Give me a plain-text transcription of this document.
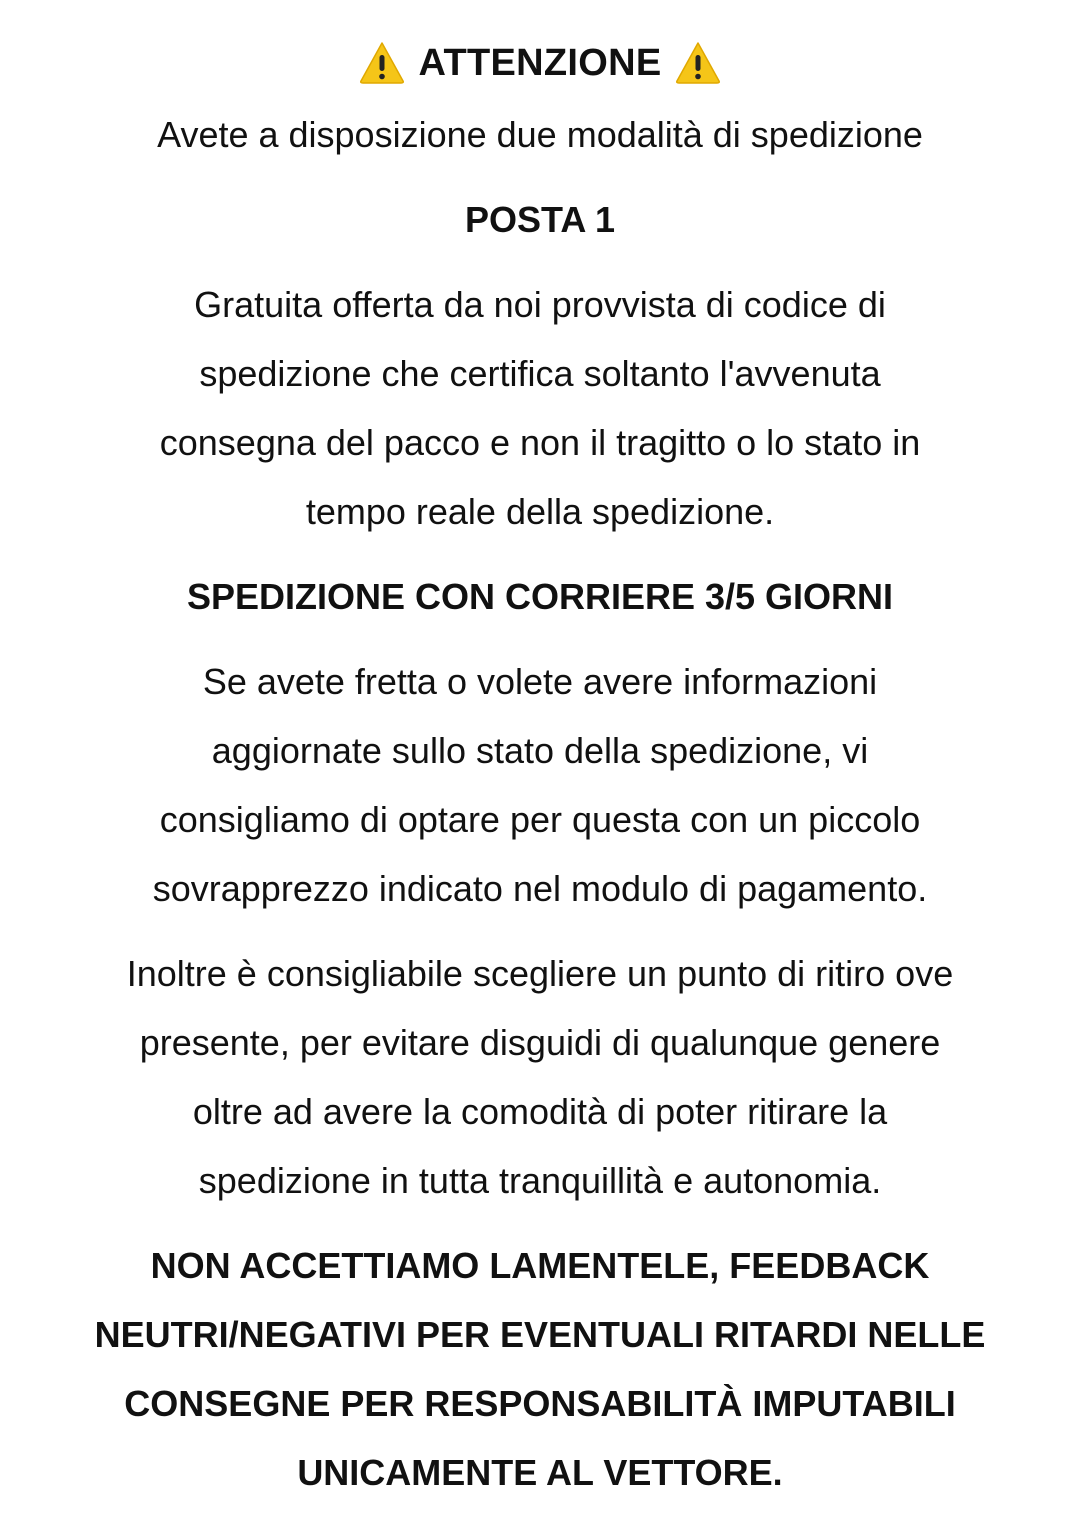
ATTENZIONE

Avete a disposizione due modalità di spedizione

POSTA 1

Gratuita offerta da noi provvista di codice di
spedizione che certifica soltanto l'avvenuta
consegna del pacco e non il tragitto o lo stato in
tempo reale della spedizione.

SPEDIZIONE CON CORRIERE 3/5 GIORNI

Se avete fretta o volete avere informazioni
aggiornate sullo stato della spedizione, vi
consigliamo di optare per questa con un piccolo
sovrapprezzo indicato nel modulo di pagamento.

Inoltre è consigliabile scegliere un punto di ritiro ove
presente, per evitare disguidi di qualunque genere
oltre ad avere la comodità di poter ritirare la
spedizione in tutta tranquillità e autonomia.

NON ACCETTIAMO LAMENTELE, FEEDBACK
NEUTRI/NEGATIVI PER EVENTUALI RITARDI NELLE
CONSEGNE PER RESPONSABILITÀ IMPUTABILI
UNICAMENTE AL VETTORE.
